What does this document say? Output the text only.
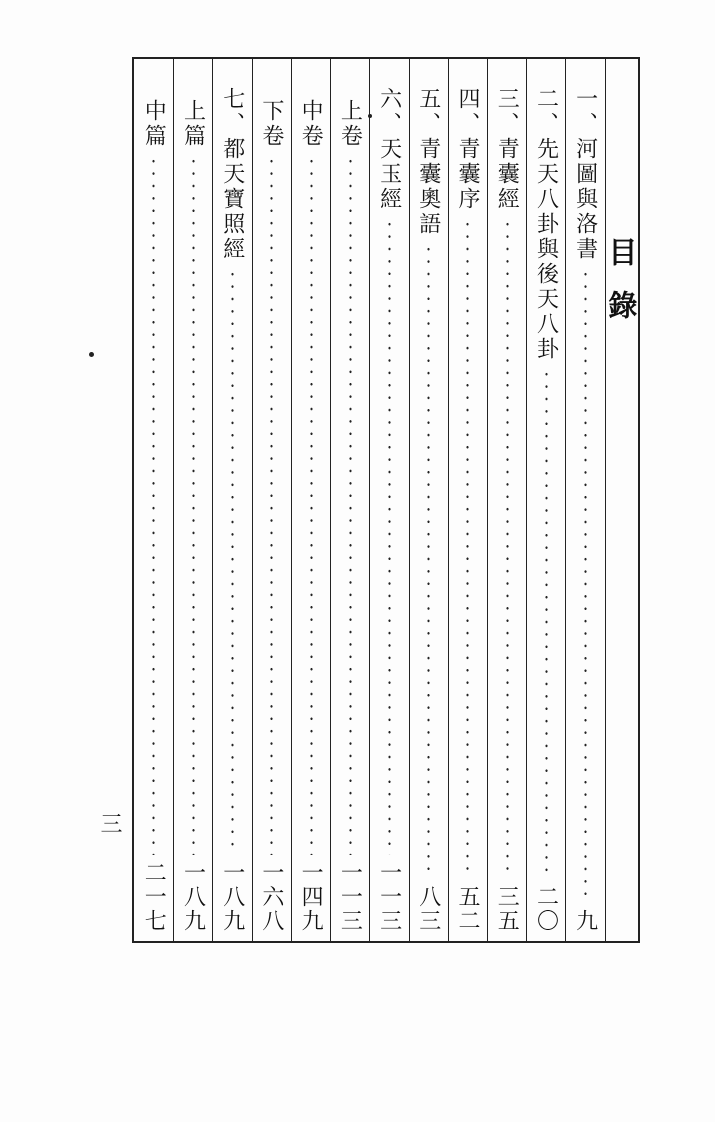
目錄
一、河圖與洛書
九
二、先天八卦與後天八卦
二〇
三、青囊經
三五
四、青囊序
五二
五、青囊奧語
八三
六、天玉經
一一三
上卷
一一三
中卷
一四九
下卷
一六八
七、都天寶照經
一八九
上篇
一八九
中篇
二一七
三
